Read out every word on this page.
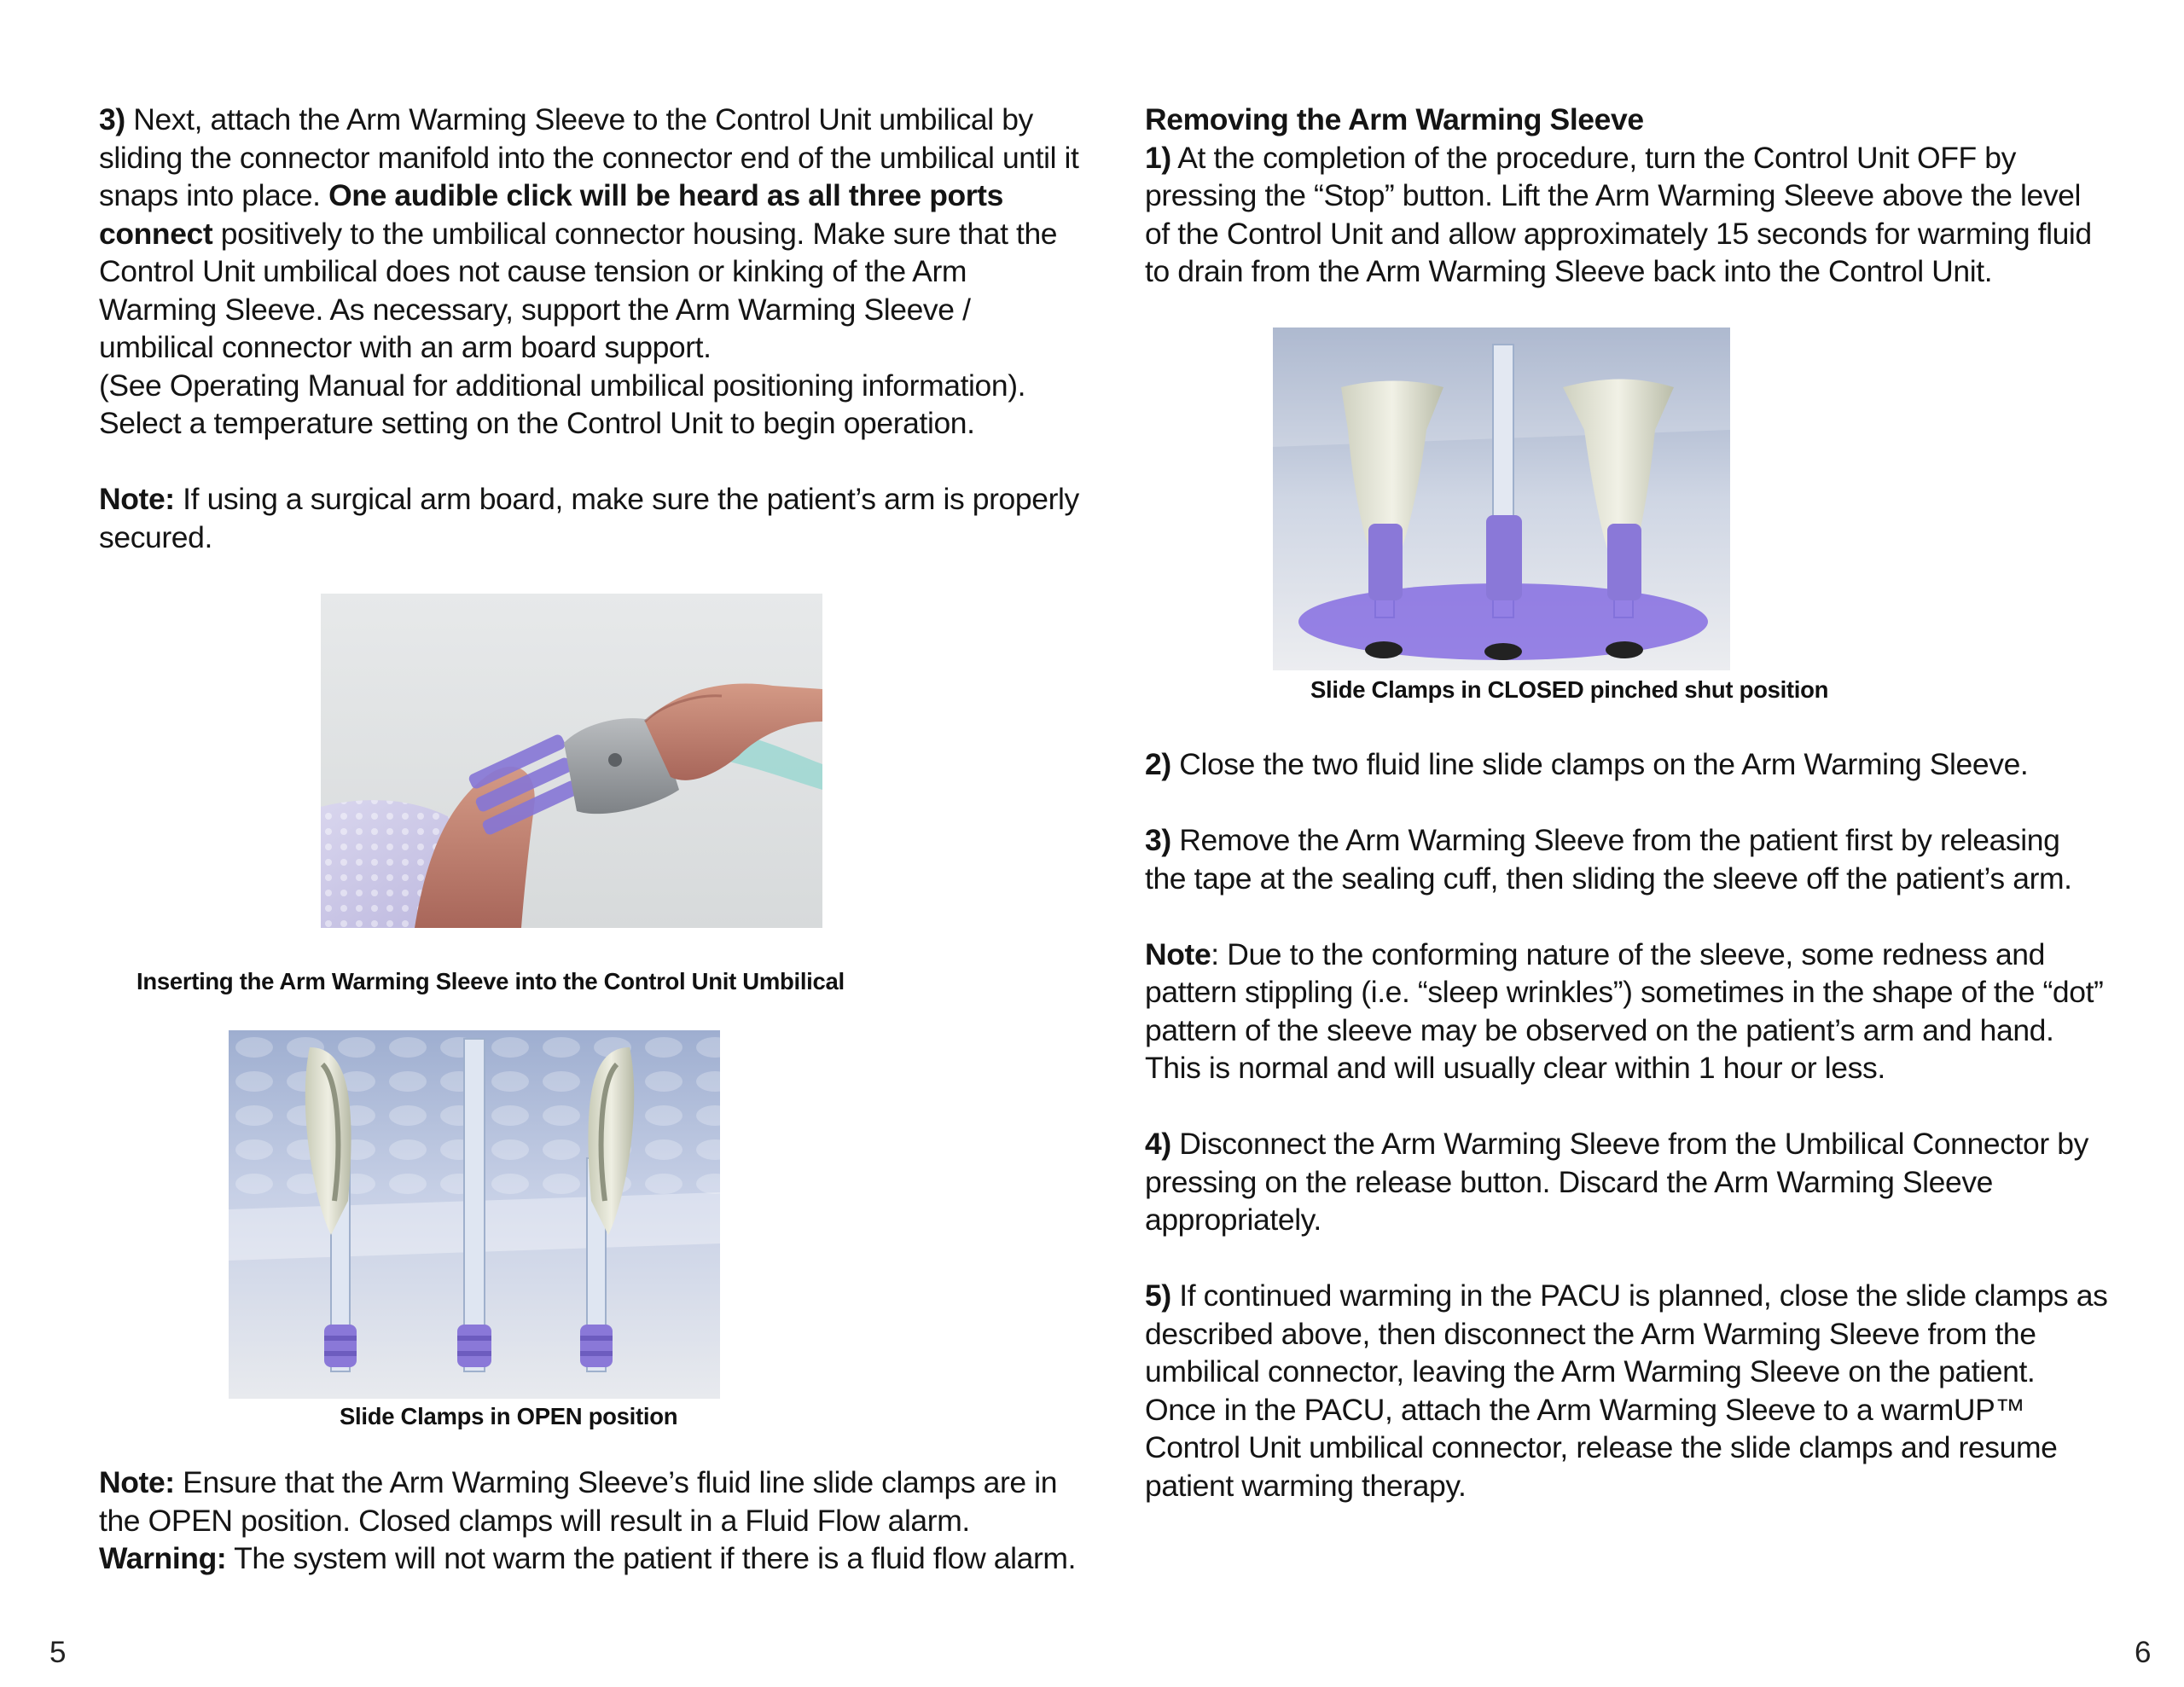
3) Next, attach the Arm Warming Sleeve to the Control Unit umbilical by sliding the connector manifold into the connector end of the umbilical until it snaps into place. One audible click will be heard as all three ports connect positively to the umbilical connector housing. Make sure that the Control Unit umbilical does not cause tension or kinking of the Arm Warming Sleeve. As necessary, support the Arm Warming Sleeve / umbilical connector with an arm board support.

(See Operating Manual for additional umbilical positioning information). Select a temperature setting on the Control Unit to begin operation.

Note: If using a surgical arm board, make sure the patient’s arm is properly secured.

Inserting the Arm Warming Sleeve into the Control Unit Umbilical
Slide Clamps in OPEN position

Note: Ensure that the Arm Warming Sleeve’s fluid line slide clamps are in the OPEN position. Closed clamps will result in a Fluid Flow alarm.

Warning: The system will not warm the patient if there is a fluid flow alarm.

5

Removing the Arm Warming Sleeve

1) At the completion of the procedure, turn the Control Unit OFF by pressing the “Stop” button. Lift the Arm Warming Sleeve above the level of the Control Unit and allow approximately 15 seconds for warming fluid to drain from the Arm Warming Sleeve back into the Control Unit.

Slide Clamps in CLOSED pinched shut position

2) Close the two fluid line slide clamps on the Arm Warming Sleeve.

3) Remove the Arm Warming Sleeve from the patient first by releasing the tape at the sealing cuff, then sliding the sleeve off the patient’s arm.

Note: Due to the conforming nature of the sleeve, some redness and pattern stippling (i.e. “sleep wrinkles”) sometimes in the shape of the “dot” pattern of the sleeve may be observed on the patient’s arm and hand. This is normal and will usually clear within 1 hour or less.

4) Disconnect the Arm Warming Sleeve from the Umbilical Connector by pressing on the release button. Discard the Arm Warming Sleeve appropriately.

5) If continued warming in the PACU is planned, close the slide clamps as described above, then disconnect the Arm Warming Sleeve from the umbilical connector, leaving the Arm Warming Sleeve on the patient. Once in the PACU, attach the Arm Warming Sleeve to a warmUP™ Control Unit umbilical connector, release the slide clamps and resume patient warming therapy.

6
